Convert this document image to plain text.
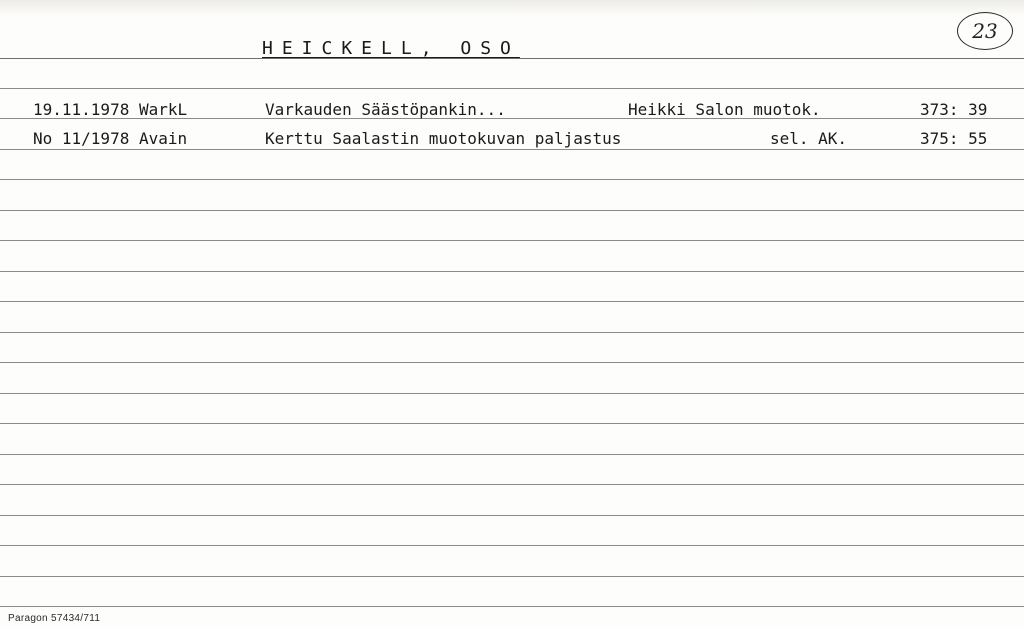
HEICKELL, OSO
23
19.11.1978 WarkL	Varkauden Säästöpankin...	Heikki Salon muotok.	373: 39
No 11/1978 Avain	Kerttu Saalastin muotokuvan paljastus	sel. AK.	375: 55
Paragon 57434/711
